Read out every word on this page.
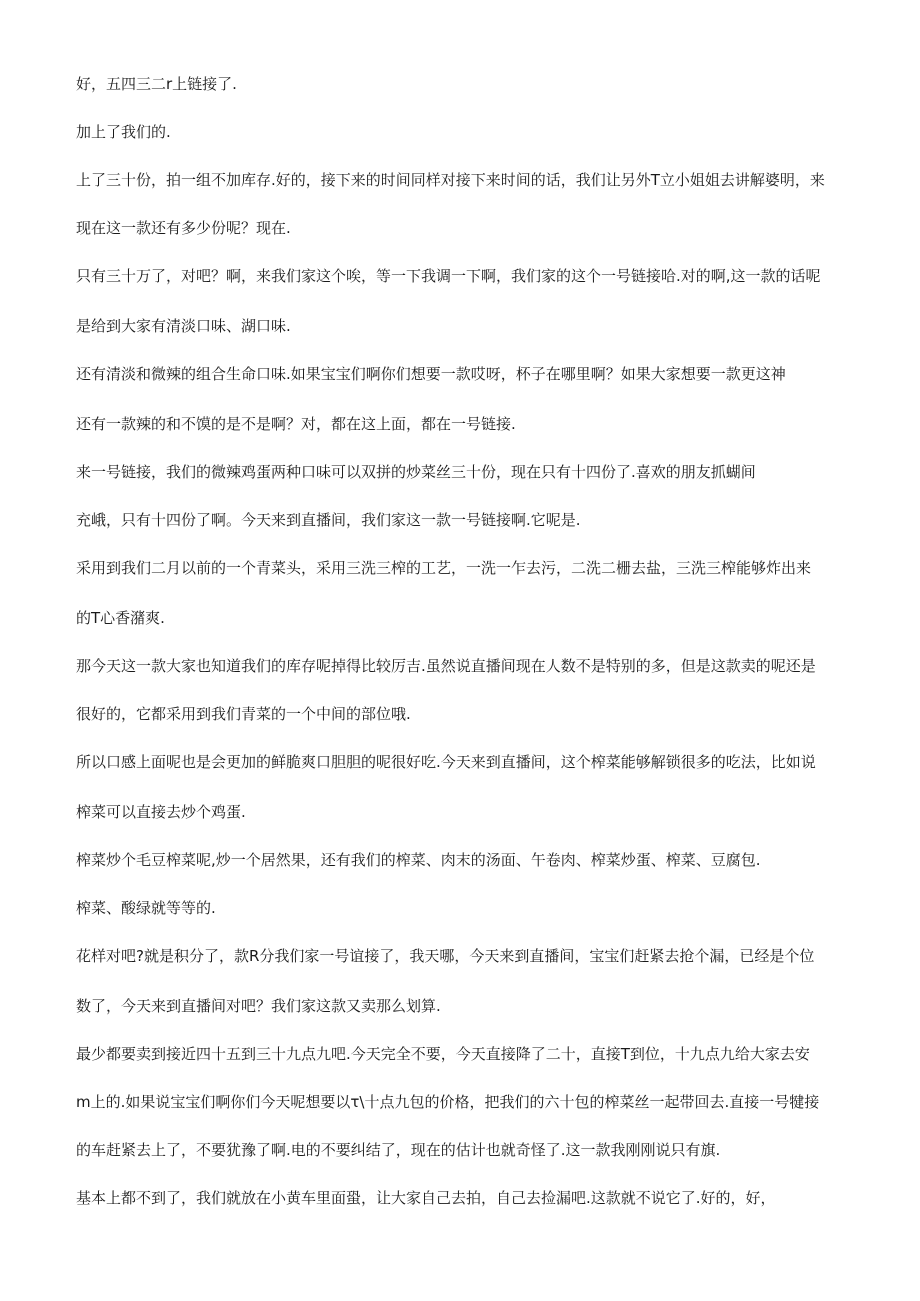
好，五四三二r上链接了.
加上了我们的.
上了三十份，拍一组不加库存.好的，接下来的时间同样对接下来时间的话，我们让另外T立小姐姐去讲解婆明，来
现在这一款还有多少份呢？现在.
只有三十万了，对吧？啊，来我们家这个唉，等一下我调一下啊，我们家的这个一号链接哈.对的啊,这一款的话呢
是给到大家有清淡口味、湖口味.
还有清淡和微辣的组合生命口味.如果宝宝们啊你们想要一款哎呀，杯子在哪里啊？如果大家想要一款更这神
还有一款辣的和不馍的是不是啊？对，都在这上面，都在一号链接.
来一号链接，我们的微辣鸡蛋两种口味可以双拼的炒菜丝三十份，现在只有十四份了.喜欢的朋友抓蝴间
充峨，只有十四份了啊。今天来到直播间，我们家这一款一号链接啊.它呢是.
采用到我们二月以前的一个青菜头，采用三洗三榨的工艺，一洗一乍去污，二洗二栅去盐，三洗三榨能够炸出来
的T心香潴爽.
那今天这一款大家也知道我们的库存呢掉得比较厉吉.虽然说直播间现在人数不是特别的多，但是这款卖的呢还是
很好的，它都采用到我们青菜的一个中间的部位哦.
所以口感上面呢也是会更加的鲜脆爽口胆胆的呢很好吃.今天来到直播间，这个榨菜能够解锁很多的吃法，比如说
榨菜可以直接去炒个鸡蛋.
榨菜炒个毛豆榨菜呢,炒一个居然果，还有我们的榨菜、肉末的汤面、午卷肉、榨菜炒蛋、榨菜、豆腐包.
榨菜、酸绿就等等的.
花样对吧?就是积分了，款R分我们家一号谊接了，我天哪，今天来到直播间，宝宝们赶紧去抢个漏，已经是个位
数了，今天来到直播间对吧？我们家这款又卖那么划算.
最少都要卖到接近四十五到三十九点九吧.今天完全不要，今天直接降了二十，直接T到位，十九点九给大家去安
m上的.如果说宝宝们啊你们今天呢想要以τ\十点九包的价格，把我们的六十包的榨菜丝一起带回去.直接一号犍接
的车赶紧去上了，不要犹豫了啊.电的不要纠结了，现在的估计也就奇怪了.这一款我刚刚说只有旗.
基本上都不到了，我们就放在小黄车里面蛩，让大家自己去拍，自己去捡漏吧.这款就不说它了.好的，好，
